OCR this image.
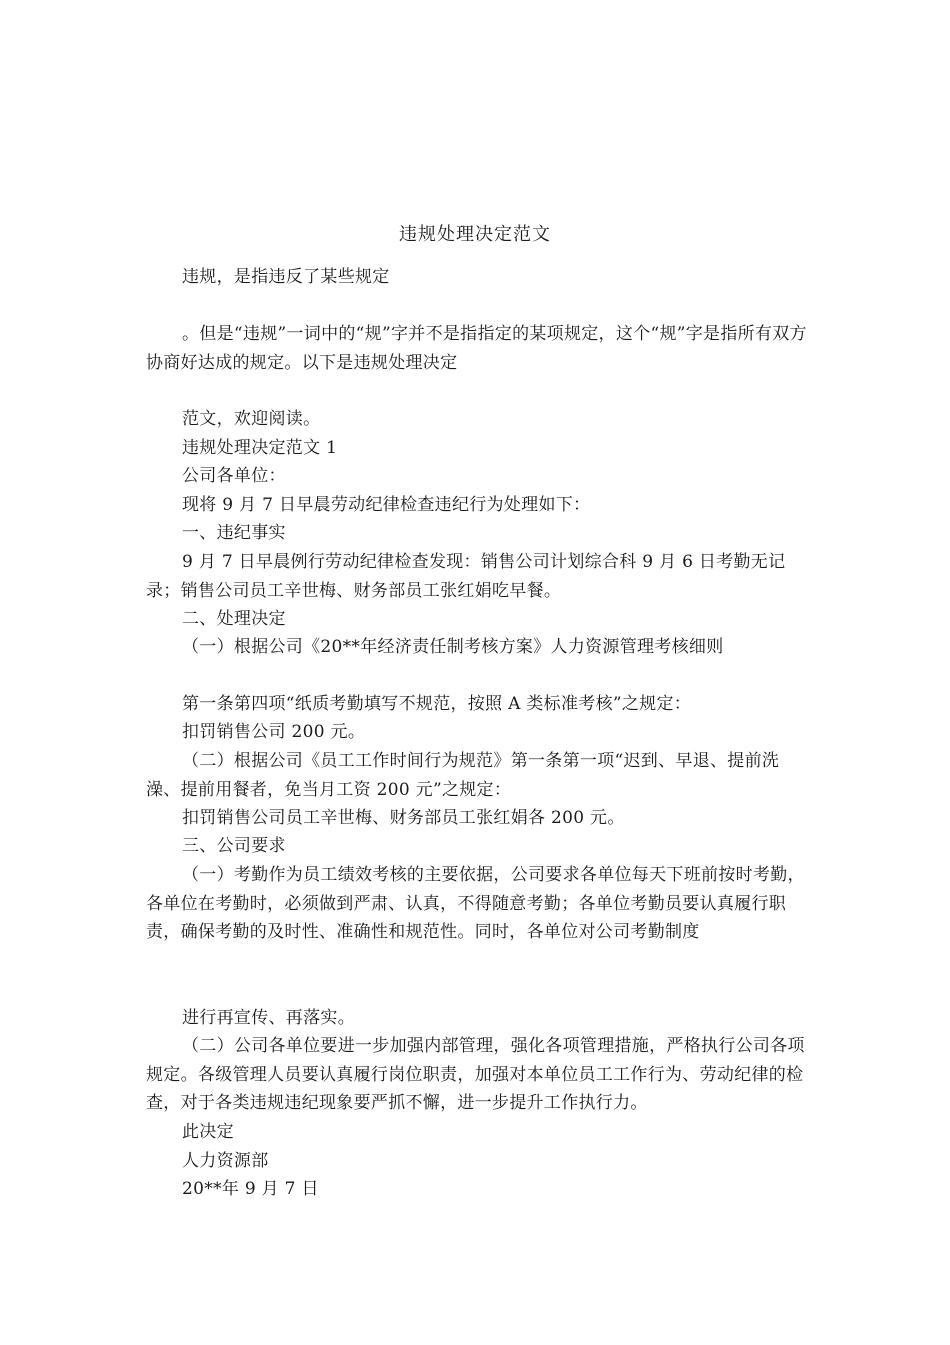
违规处理决定范文
违规，是指违反了某些规定
。但是“违规”一词中的“规”字并不是指指定的某项规定，这个“规”字是指所有双方协商好达成的规定。以下是违规处理决定
范文，欢迎阅读。
违规处理决定范文 1
公司各单位：
现将 9 月 7 日早晨劳动纪律检查违纪行为处理如下：
一、违纪事实
9 月 7 日早晨例行劳动纪律检查发现：销售公司计划综合科 9 月 6 日考勤无记录；销售公司员工辛世梅、财务部员工张红娟吃早餐。
二、处理决定
（一）根据公司《20**年经济责任制考核方案》人力资源管理考核细则
第一条第四项“纸质考勤填写不规范，按照 A 类标准考核”之规定：
扣罚销售公司 200 元。
（二）根据公司《员工工作时间行为规范》第一条第一项“迟到、早退、提前洗澡、提前用餐者，免当月工资 200 元”之规定：
扣罚销售公司员工辛世梅、财务部员工张红娟各 200 元。
三、公司要求
（一）考勤作为员工绩效考核的主要依据，公司要求各单位每天下班前按时考勤，各单位在考勤时，必须做到严肃、认真，不得随意考勤；各单位考勤员要认真履行职责，确保考勤的及时性、准确性和规范性。同时，各单位对公司考勤制度
进行再宣传、再落实。
（二）公司各单位要进一步加强内部管理，强化各项管理措施，严格执行公司各项规定。各级管理人员要认真履行岗位职责，加强对本单位员工工作行为、劳动纪律的检查，对于各类违规违纪现象要严抓不懈，进一步提升工作执行力。
此决定
人力资源部
20**年 9 月 7 日
